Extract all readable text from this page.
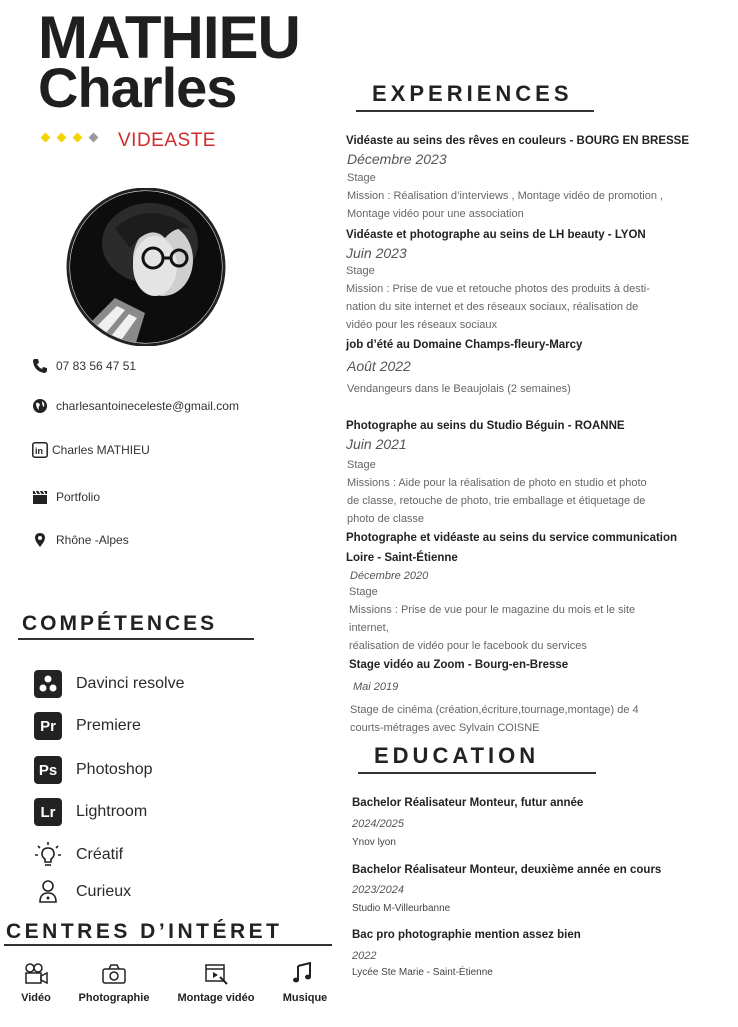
MATHIEU
Charles
VIDEASTE
07 83 56 47 51
charlesantoineceleste@gmail.com
in Charles MATHIEU
Portfolio
Rhône -Alpes
COMPÉTENCES
Davinci resolve
Pr	Premiere
Ps	Photoshop
Lr	Lightroom
Créatif
Curieux
CENTRES D’INTÉRET
Vidéo	Photographie	Montage vidéo	Musique
EXPERIENCES
Vidéaste au seins des rêves en couleurs - BOURG EN BRESSE
Décembre 2023
Stage
Mission : Réalisation d’interviews , Montage vidéo de promotion ,
Montage vidéo pour une association
Vidéaste et photographe au seins de LH beauty - LYON
Juin 2023
Stage
Mission : Prise de vue et retouche photos des produits à desti-
nation du site internet et des réseaux sociaux, réalisation de
vidéo pour les réseaux sociaux
job d’été au Domaine Champs-fleury-Marcy
Août 2022
Vendangeurs dans le Beaujolais (2 semaines)
Photographe au seins du Studio Béguin - ROANNE
Juin 2021
Stage
Missions : Aide pour la réalisation de photo en studio et photo
de classe, retouche de photo, trie emballage et étiquetage de
photo de classe
Photographe et vidéaste au seins du service communication
Loire - Saint-Étienne
Décembre 2020
Stage
Missions : Prise de vue pour le magazine du mois et le site
internet,
réalisation de vidéo pour le facebook du services
Stage vidéo au Zoom - Bourg-en-Bresse
Mai 2019
Stage de cinéma (création,écriture,tournage,montage) de 4
courts-métrages avec Sylvain COISNE
EDUCATION
Bachelor Réalisateur Monteur, futur année
2024/2025
Ynov lyon
Bachelor Réalisateur Monteur, deuxième année en cours
2023/2024
Studio M-Villeurbanne
Bac pro photographie mention assez bien
2022
Lycée Ste Marie - Saint-Étienne
